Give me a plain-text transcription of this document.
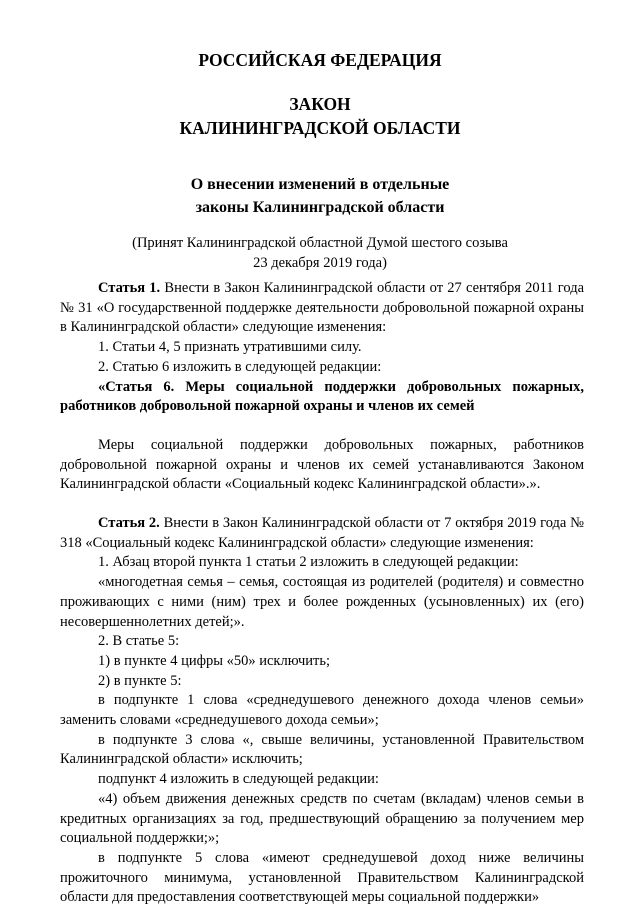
РОССИЙСКАЯ ФЕДЕРАЦИЯ
ЗАКОН
КАЛИНИНГРАДСКОЙ ОБЛАСТИ
О внесении изменений в отдельные
законы Калининградской области
(Принят Калининградской областной Думой шестого созыва
23 декабря 2019 года)

Статья 1. Внести в Закон Калининградской области от 27 сентября 2011 года № 31 «О государственной поддержке деятельности добровольной пожарной охраны в Калининградской области» следующие изменения:

1. Статьи 4, 5 признать утратившими силу.

2. Статью 6 изложить в следующей редакции:

«Статья 6. Меры социальной поддержки добровольных пожарных, работников добровольной пожарной охраны и членов их семей

Меры социальной поддержки добровольных пожарных, работников добровольной пожарной охраны и членов их семей устанавливаются Законом Калининградской области «Социальный кодекс Калининградской области».».

Статья 2. Внести в Закон Калининградской области от 7 октября 2019 года № 318 «Социальный кодекс Калининградской области» следующие изменения:

1. Абзац второй пункта 1 статьи 2 изложить в следующей редакции:

«многодетная семья – семья, состоящая из родителей (родителя) и совместно проживающих с ними (ним) трех и более рожденных (усыновленных) их (его) несовершеннолетних детей;».

2. В статье 5:

1) в пункте 4 цифры «50» исключить;

2) в пункте 5:

в подпункте 1 слова «среднедушевого денежного дохода членов семьи» заменить словами «среднедушевого дохода семьи»;

в подпункте 3 слова «, свыше величины, установленной Правительством Калининградской области» исключить;

подпункт 4 изложить в следующей редакции:

«4) объем движения денежных средств по счетам (вкладам) членов семьи в кредитных организациях за год, предшествующий обращению за получением мер социальной поддержки;»;

в подпункте 5 слова «имеют среднедушевой доход ниже величины прожиточного минимума, установленной Правительством Калининградской области для предоставления соответствующей меры социальной поддержки»
